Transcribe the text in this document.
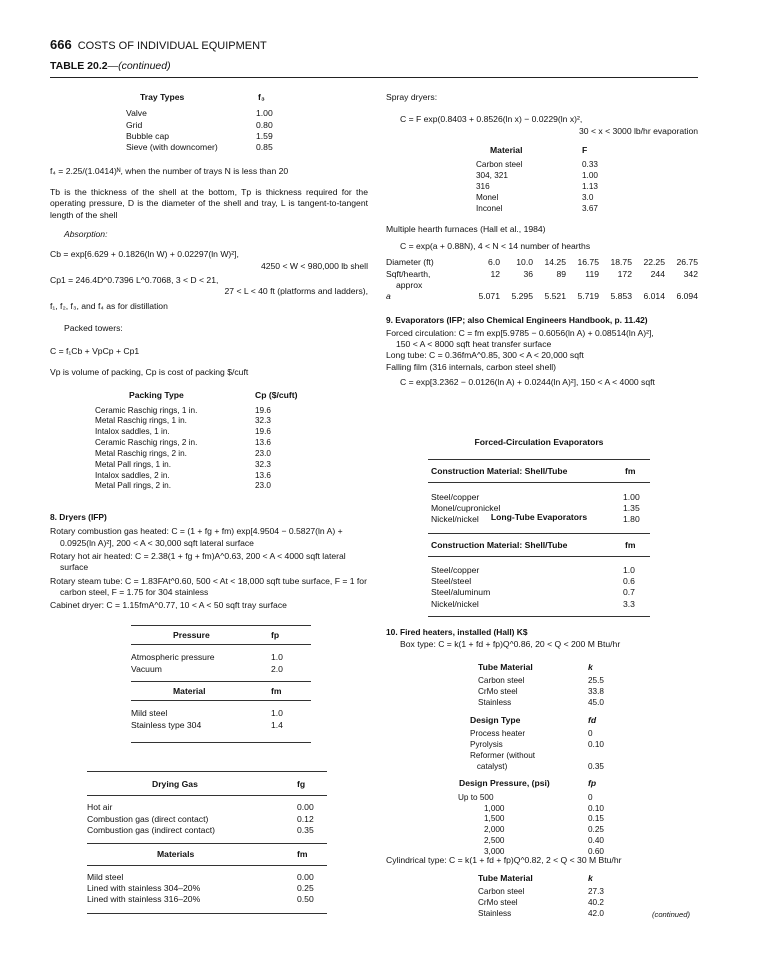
666 COSTS OF INDIVIDUAL EQUIPMENT
TABLE 20.2—(continued)
Tray Types	f₃
Valve	1.00
Grid	0.80
Bubble cap	1.59
Sieve (with downcomer)	0.85
f₄ = 2.25/(1.0414)ᴺ, when the number of trays N is less than 20
Tb is the thickness of the shell at the bottom, Tp is thickness required for the operating pressure, D is the diameter of the shell and tray, L is tangent-to-tangent length of the shell
Absorption:
Cb = exp[6.629 + 0.1826(ln W) + 0.02297(ln W)²],
4250 < W < 980,000 lb shell
Cp1 = 246.4D^0.7396 L^0.7068, 3 < D < 21,
27 < L < 40 ft (platforms and ladders),
f₁, f₂, f₃, and f₄ as for distillation
Packed towers:
C = f₁Cb + VpCp + Cp1
Vp is volume of packing, Cp is cost of packing $/cuft
Packing Type	Cp ($/cuft)
Ceramic Raschig rings, 1 in.	19.6
Metal Raschig rings, 1 in.	32.3
Intalox saddles, 1 in.	19.6
Ceramic Raschig rings, 2 in.	13.6
Metal Raschig rings, 2 in.	23.0
Metal Pall rings, 1 in.	32.3
Intalox saddles, 2 in.	13.6
Metal Pall rings, 2 in.	23.0
8. Dryers (IFP)
Rotary combustion gas heated: C = (1 + fg + fm) exp[4.9504 − 0.5827(ln A) + 0.0925(ln A)²], 200 < A < 30,000 sqft lateral surface
Rotary hot air heated: C = 2.38(1 + fg + fm)A^0.63, 200 < A < 4000 sqft lateral surface
Rotary steam tube: C = 1.83FAt^0.60, 500 < At < 18,000 sqft tube surface, F = 1 for carbon steel, F = 1.75 for 304 stainless
Cabinet dryer: C = 1.15fmA^0.77, 10 < A < 50 sqft tray surface
Pressure	fp
Atmospheric pressure	1.0
Vacuum	2.0
Material	fm
Mild steel	1.0
Stainless type 304	1.4
Drying Gas	fg
Hot air	0.00
Combustion gas (direct contact)	0.12
Combustion gas (indirect contact)	0.35
Materials	fm
Mild steel	0.00
Lined with stainless 304–20%	0.25
Lined with stainless 316–20%	0.50
Spray dryers:
C = F exp(0.8403 + 0.8526(ln x) − 0.0229(ln x)²,
30 < x < 3000 lb/hr evaporation
Material	F
Carbon steel	0.33
304, 321	1.00
316	1.13
Monel	3.0
Inconel	3.67
Multiple hearth furnaces (Hall et al., 1984)
C = exp(a + 0.88N), 4 < N < 14 number of hearths
Diameter (ft)	6.0	10.0	14.25	16.75	18.75	22.25	26.75
Sqft/hearth,	12	36	89	119	172	244	342
approx
a	5.071	5.295	5.521	5.719	5.853	6.014	6.094
9. Evaporators (IFP; also Chemical Engineers Handbook, p. 11.42)
Forced circulation: C = fm exp[5.9785 − 0.6056(ln A) + 0.08514(ln A)²],
150 < A < 8000 sqft heat transfer surface
Long tube: C = 0.36fmA^0.85, 300 < A < 20,000 sqft
Falling film (316 internals, carbon steel shell)
C = exp[3.2362 − 0.0126(ln A) + 0.0244(ln A)²], 150 < A < 4000 sqft
Forced-Circulation Evaporators
Construction Material: Shell/Tube	fm
Steel/copper	1.00
Monel/cupronickel	1.35
Nickel/nickel	1.80
Long-Tube Evaporators
Construction Material: Shell/Tube	fm
Steel/copper	1.0
Steel/steel	0.6
Steel/aluminum	0.7
Nickel/nickel	3.3
10. Fired heaters, installed (Hall) K$
Box type: C = k(1 + fd + fp)Q^0.86, 20 < Q < 200 M Btu/hr
Tube Material	k
Carbon steel	25.5
CrMo steel	33.8
Stainless	45.0
Design Type	fd
Process heater	0
Pyrolysis	0.10
Reformer (without
catalyst)	0.35
Design Pressure, (psi)	fp
Up to 500	0
1,000	0.10
1,500	0.15
2,000	0.25
2,500	0.40
3,000	0.60
Cylindrical type: C = k(1 + fd + fp)Q^0.82, 2 < Q < 30 M Btu/hr
Tube Material	k
Carbon steel	27.3
CrMo steel	40.2
Stainless	42.0	(continued)
